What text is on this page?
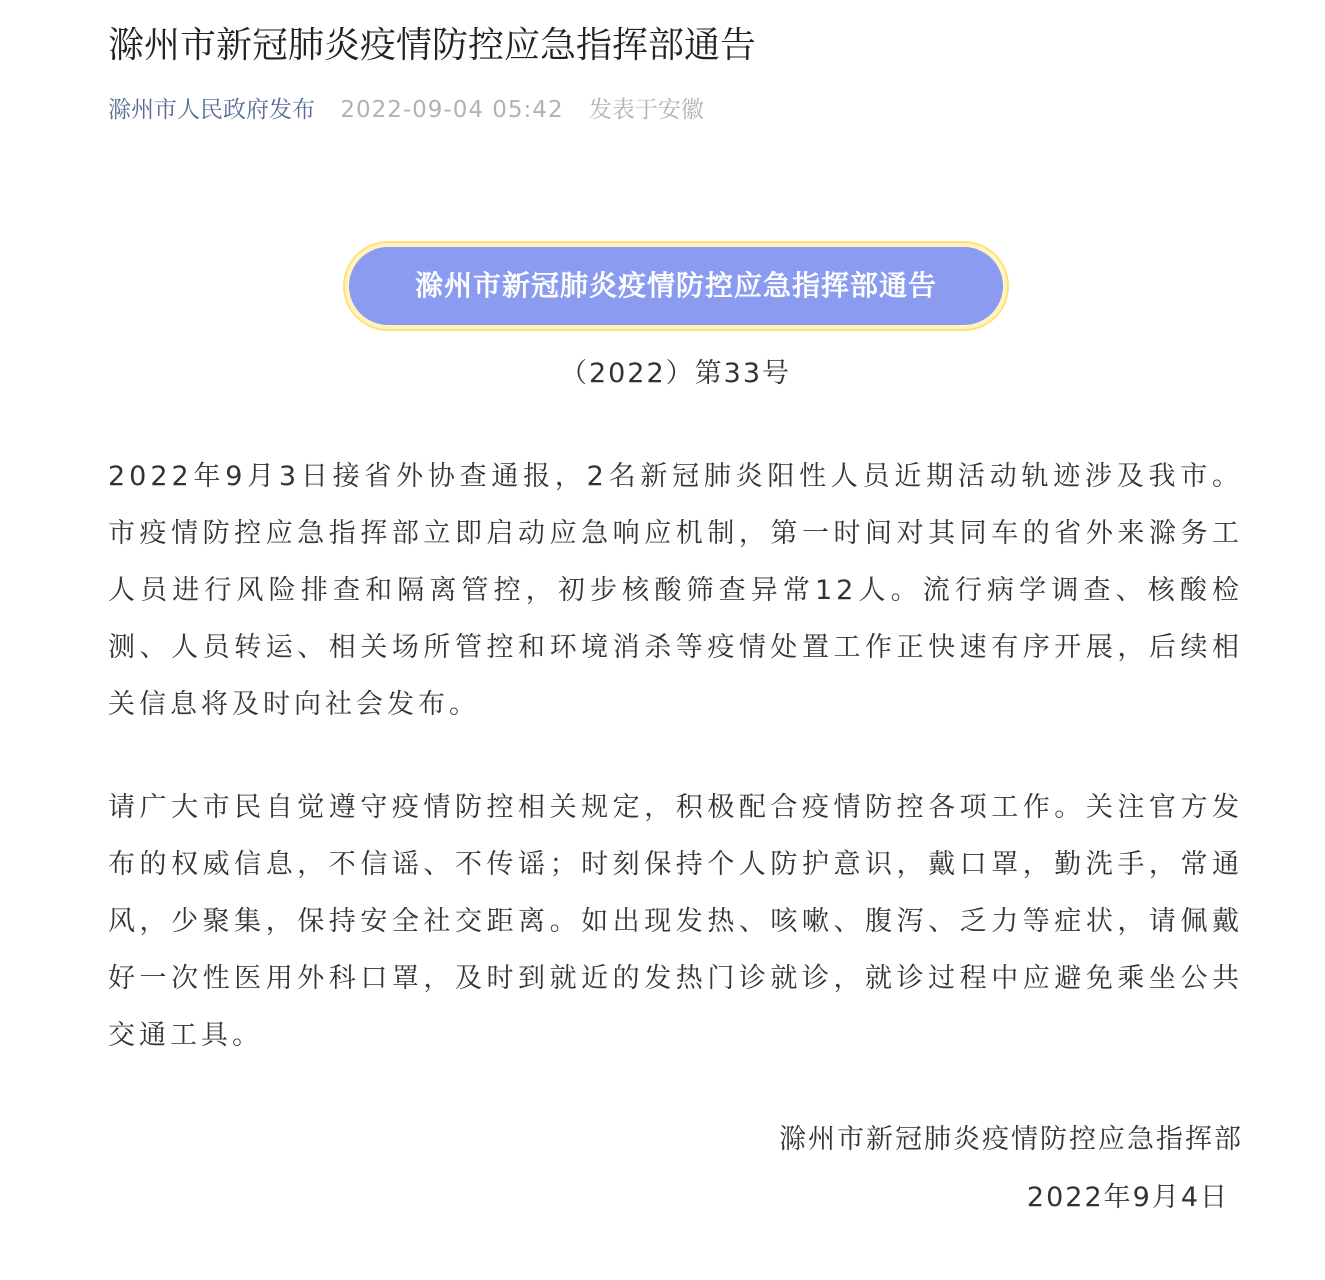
滁州市新冠肺炎疫情防控应急指挥部通告
滁州市人民政府发布 2022-09-04 05:42 发表于安徽
滁州市新冠肺炎疫情防控应急指挥部通告
（2022）第33号

2022年9月3日接省外协查通报，2名新冠肺炎阳性人员近期活动轨迹涉及我市。市疫情防控应急指挥部立即启动应急响应机制，第一时间对其同车的省外来滁务工人员进行风险排查和隔离管控，初步核酸筛查异常12人。流行病学调查、核酸检测、人员转运、相关场所管控和环境消杀等疫情处置工作正快速有序开展，后续相关信息将及时向社会发布。

请广大市民自觉遵守疫情防控相关规定，积极配合疫情防控各项工作。关注官方发布的权威信息，不信谣、不传谣；时刻保持个人防护意识，戴口罩，勤洗手，常通风，少聚集，保持安全社交距离。如出现发热、咳嗽、腹泻、乏力等症状，请佩戴好一次性医用外科口罩，及时到就近的发热门诊就诊，就诊过程中应避免乘坐公共交通工具。

滁州市新冠肺炎疫情防控应急指挥部
2022年9月4日
